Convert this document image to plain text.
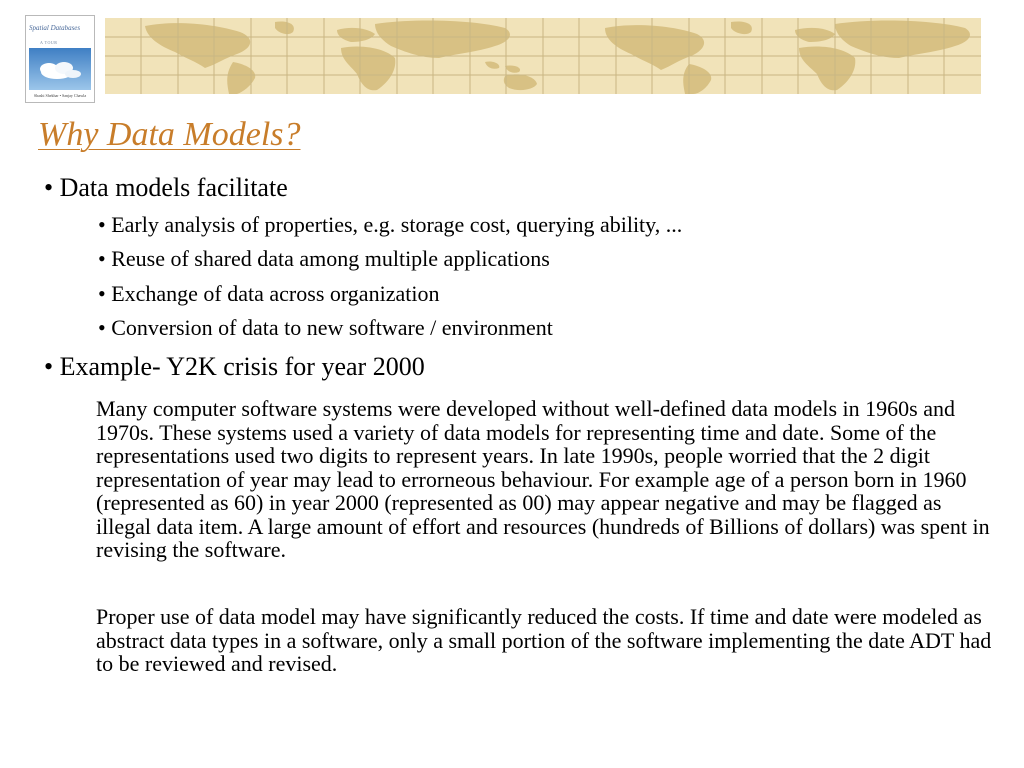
Spatial Databases
A TOUR
Shashi Shekhar • Sanjay Chawla
Why Data Models?
• Data models facilitate
• Early analysis of properties, e.g. storage cost, querying ability, ...
• Reuse of shared data among multiple applications
• Exchange of data across organization
• Conversion of data to new software / environment
• Example- Y2K crisis for year 2000

Many computer software systems were developed without well-defined data models in 1960s and 1970s. These systems used a variety of data models for representing time and date. Some of the representations used two digits to represent years. In late 1990s, people worried that the 2 digit representation of year may lead to errorneous behaviour. For example age of a person born in 1960 (represented as 60) in year 2000 (represented as 00) may appear negative and may be flagged as illegal data item. A large amount of effort and resources (hundreds of Billions of dollars) was spent in revising the software.

Proper use of data model may have significantly reduced the costs. If time and date were modeled as abstract data types in a software, only a small portion of the software implementing the date ADT had to be reviewed and revised.
